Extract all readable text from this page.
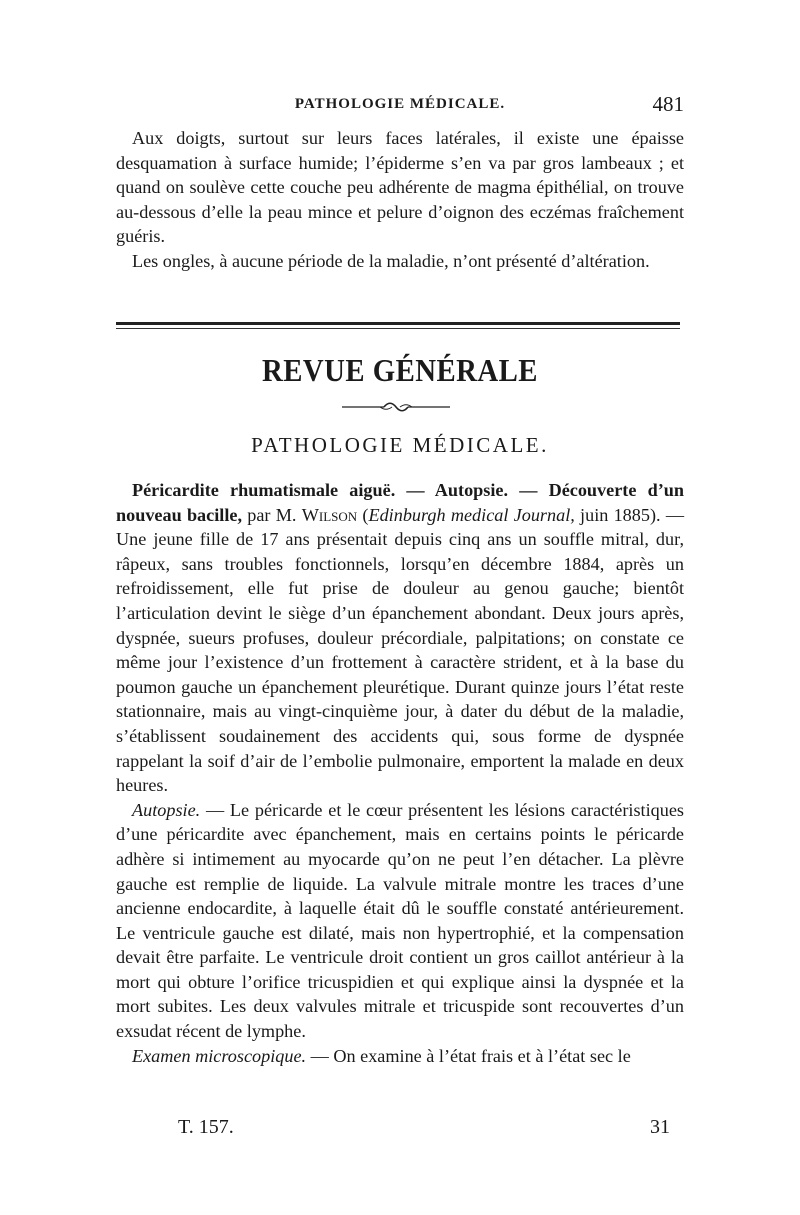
PATHOLOGIE MÉDICALE.	481

Aux doigts, surtout sur leurs faces latérales, il existe une épaisse desquamation à surface humide; l’épiderme s’en va par gros lambeaux ; et quand on soulève cette couche peu adhérente de magma épithélial, on trouve au-dessous d’elle la peau mince et pelure d’oignon des eczémas fraîchement guéris.

Les ongles, à aucune période de la maladie, n’ont présenté d’altération.

REVUE GÉNÉRALE
PATHOLOGIE MÉDICALE.

Péricardite rhumatismale aiguë. — Autopsie. — Découverte d’un nouveau bacille, par M. Wilson (Edinburgh medical Journal, juin 1885). — Une jeune fille de 17 ans présentait depuis cinq ans un souffle mitral, dur, râpeux, sans troubles fonctionnels, lorsqu’en décembre 1884, après un refroidissement, elle fut prise de douleur au genou gauche; bientôt l’articulation devint le siège d’un épanchement abondant. Deux jours après, dyspnée, sueurs profuses, douleur précordiale, palpitations; on constate ce même jour l’existence d’un frottement à caractère strident, et à la base du poumon gauche un épanchement pleurétique. Durant quinze jours l’état reste stationnaire, mais au vingt-cinquième jour, à dater du début de la maladie, s’établissent soudainement des accidents qui, sous forme de dyspnée rappelant la soif d’air de l’embolie pulmonaire, emportent la malade en deux heures.

Autopsie. — Le péricarde et le cœur présentent les lésions caractéristiques d’une péricardite avec épanchement, mais en certains points le péricarde adhère si intimement au myocarde qu’on ne peut l’en détacher. La plèvre gauche est remplie de liquide. La valvule mitrale montre les traces d’une ancienne endocardite, à laquelle était dû le souffle constaté antérieurement. Le ventricule gauche est dilaté, mais non hypertrophié, et la compensation devait être parfaite. Le ventricule droit contient un gros caillot antérieur à la mort qui obture l’orifice tricuspidien et qui explique ainsi la dyspnée et la mort subites. Les deux valvules mitrale et tricuspide sont recouvertes d’un exsudat récent de lymphe.

Examen microscopique. — On examine à l’état frais et à l’état sec le

T. 157.	31
